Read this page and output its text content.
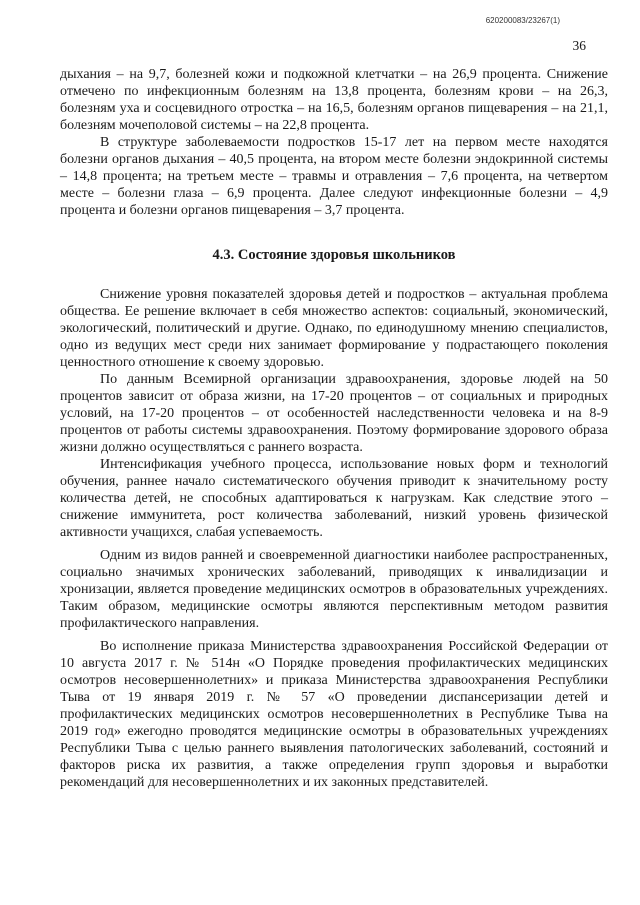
620200083/23267(1)
36

дыхания – на 9,7, болезней кожи и подкожной клетчатки – на 26,9 процента. Снижение отмечено по инфекционным болезням на 13,8 процента, болезням крови – на 26,3, болезням уха и сосцевидного отростка – на 16,5, болезням органов пищеварения – на 21,1, болезням мочеполовой системы – на 22,8 процента.

В структуре заболеваемости подростков 15-17 лет на первом месте находятся болезни органов дыхания – 40,5 процента, на втором месте болезни эндокринной системы – 14,8 процента; на третьем месте – травмы и отравления – 7,6 процента, на четвертом месте – болезни глаза – 6,9 процента. Далее следуют инфекционные болезни – 4,9 процента и болезни органов пищеварения – 3,7 процента.

4.3. Состояние здоровья школьников

Снижение уровня показателей здоровья детей и подростков – актуальная проблема общества. Ее решение включает в себя множество аспектов: социальный, экономический, экологический, политический и другие. Однако, по единодушному мнению специалистов, одно из ведущих мест среди них занимает формирование у подрастающего поколения ценностного отношение к своему здоровью.

По данным Всемирной организации здравоохранения, здоровье людей на 50 процентов зависит от образа жизни, на 17-20 процентов – от социальных и природных условий, на 17-20 процентов – от особенностей наследственности человека и на 8-9 процентов от работы системы здравоохранения. Поэтому формирование здорового образа жизни должно осуществляться с раннего возраста.

Интенсификация учебного процесса, использование новых форм и технологий обучения, раннее начало систематического обучения приводит к значительному росту количества детей, не способных адаптироваться к нагрузкам. Как следствие этого – снижение иммунитета, рост количества заболеваний, низкий уровень физической активности учащихся, слабая успеваемость.

Одним из видов ранней и своевременной диагностики наиболее распространенных, социально значимых хронических заболеваний, приводящих к инвалидизации и хронизации, является проведение медицинских осмотров в образовательных учреждениях. Таким образом, медицинские осмотры являются перспективным методом развития профилактического направления.

Во исполнение приказа Министерства здравоохранения Российской Федерации от 10 августа 2017 г. № 514н «О Порядке проведения профилактических медицинских осмотров несовершеннолетних» и приказа Министерства здравоохранения Республики Тыва от 19 января 2019 г. № 57 «О проведении диспансеризации детей и профилактических медицинских осмотров несовершеннолетних в Республике Тыва на 2019 год» ежегодно проводятся медицинские осмотры в образовательных учреждениях Республики Тыва с целью раннего выявления патологических заболеваний, состояний и факторов риска их развития, а также определения групп здоровья и выработки рекомендаций для несовершеннолетних и их законных представителей.
